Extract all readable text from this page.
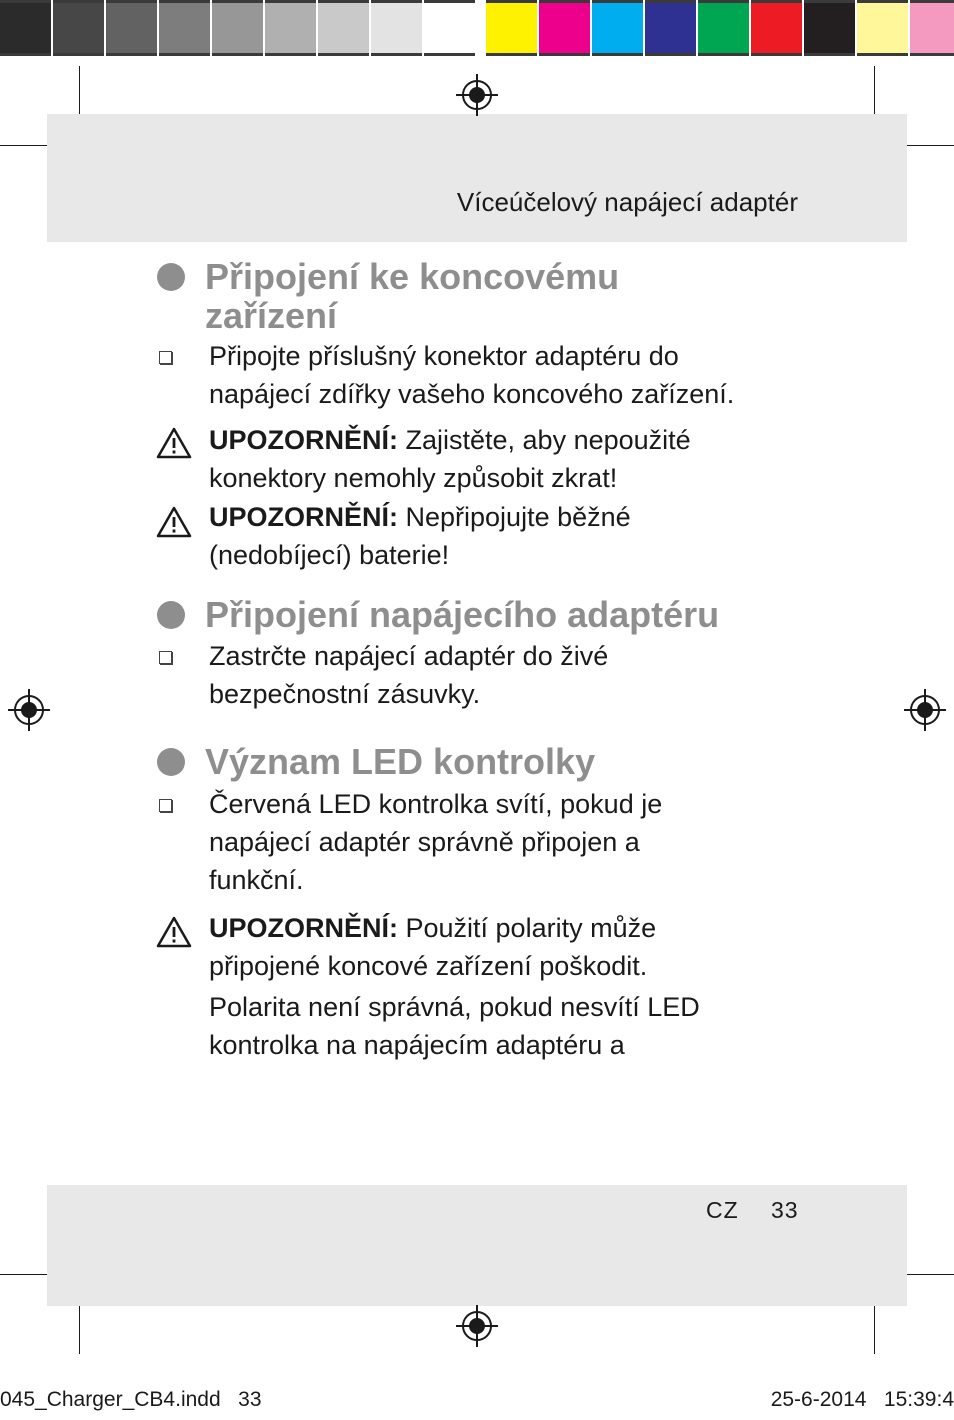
Víceúčelový napájecí adaptér
Připojení ke koncovému
zařízení
Připojte příslušný konektor adaptéru do
napájecí zdířky vašeho koncového zařízení.
UPOZORNĚNÍ: Zajistěte, aby nepoužité
konektory nemohly způsobit zkrat!
UPOZORNĚNÍ: Nepřipojujte běžné
(nedobíjecí) baterie!
Připojení napájecího adaptéru
Zastrčte napájecí adaptér do živé
bezpečnostní zásuvky.
Význam LED kontrolky
Červená LED kontrolka svítí, pokud je
napájecí adaptér správně připojen a
funkční.
UPOZORNĚNÍ: Použití polarity může
připojené koncové zařízení poškodit.
Polarita není správná, pokud nesvítí LED
kontrolka na napájecím adaptéru a
CZ 33
045_Charger_CB4.indd   33	25-6-2014   15:39:4
